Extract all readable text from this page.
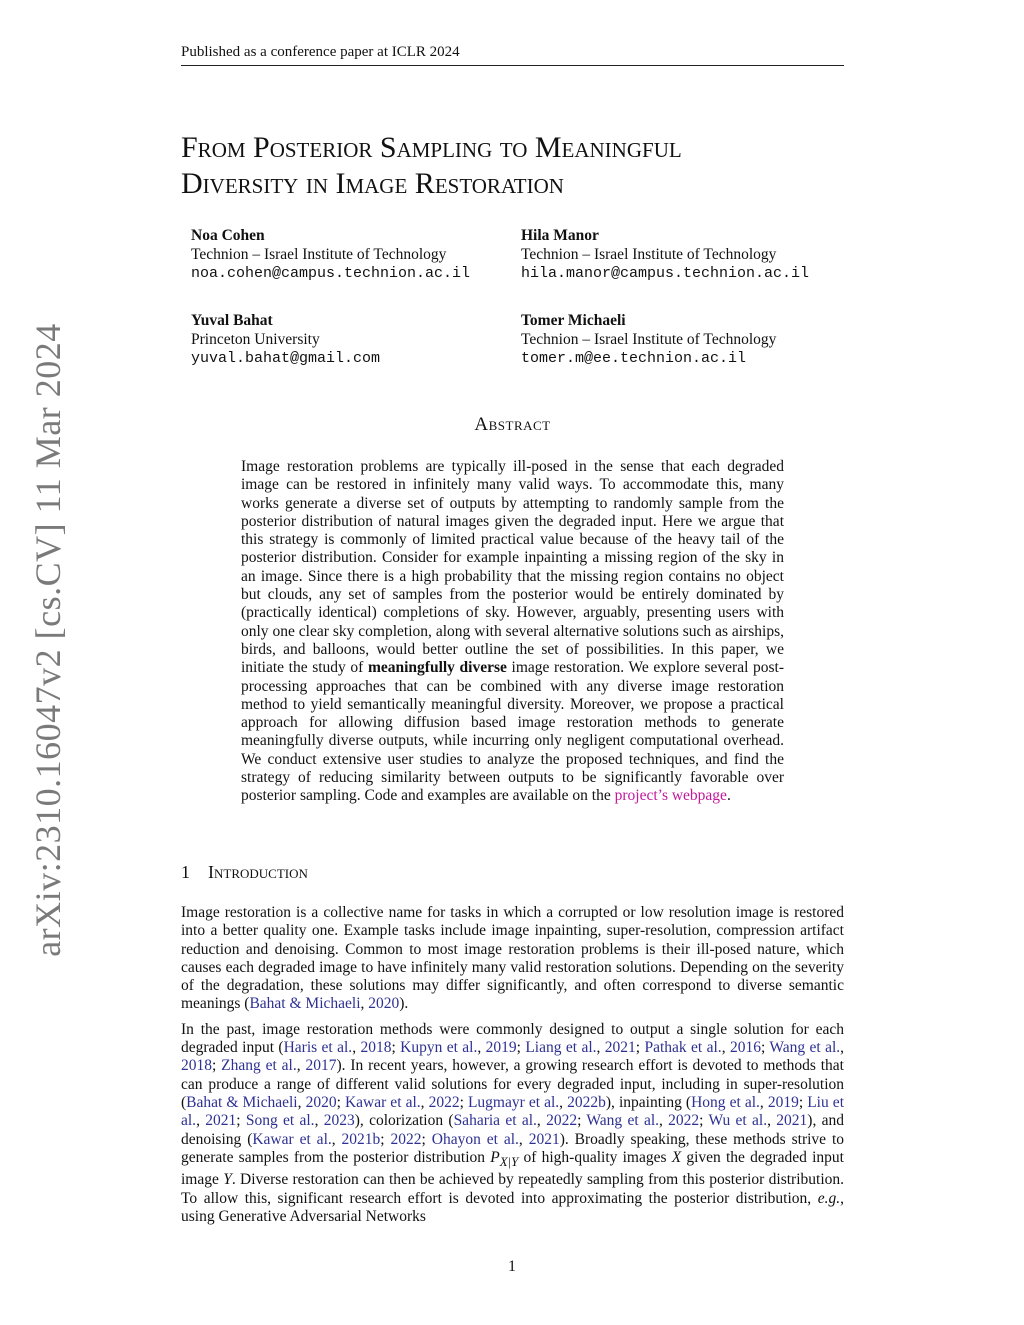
Published as a conference paper at ICLR 2024
arXiv:2310.16047v2 [cs.CV] 11 Mar 2024
From Posterior Sampling to Meaningful
Diversity in Image Restoration
Noa Cohen
Technion – Israel Institute of Technology
noa.cohen@campus.technion.ac.il
Hila Manor
Technion – Israel Institute of Technology
hila.manor@campus.technion.ac.il
Yuval Bahat
Princeton University
yuval.bahat@gmail.com
Tomer Michaeli
Technion – Israel Institute of Technology
tomer.m@ee.technion.ac.il
Abstract
Image restoration problems are typically ill-posed in the sense that each degraded image can be restored in infinitely many valid ways. To accommodate this, many works generate a diverse set of outputs by attempting to randomly sample from the posterior distribution of natural images given the degraded input. Here we argue that this strategy is commonly of limited practical value because of the heavy tail of the posterior distribution. Consider for example inpainting a missing region of the sky in an image. Since there is a high probability that the missing region contains no object but clouds, any set of samples from the posterior would be entirely dominated by (practically identical) completions of sky. However, arguably, presenting users with only one clear sky completion, along with several alternative solutions such as airships, birds, and balloons, would better outline the set of possibilities. In this paper, we initiate the study of meaningfully diverse image restoration. We explore several post-processing approaches that can be combined with any diverse image restoration method to yield semantically meaningful diversity. Moreover, we propose a practical approach for allowing diffusion based image restoration methods to generate meaningfully diverse outputs, while incurring only negligent computational overhead. We conduct extensive user studies to analyze the proposed techniques, and find the strategy of reducing similarity between outputs to be significantly favorable over posterior sampling. Code and examples are available on the project’s webpage.
1 Introduction

Image restoration is a collective name for tasks in which a corrupted or low resolution image is restored into a better quality one. Example tasks include image inpainting, super-resolution, compression artifact reduction and denoising. Common to most image restoration problems is their ill-posed nature, which causes each degraded image to have infinitely many valid restoration solutions. Depending on the severity of the degradation, these solutions may differ significantly, and often correspond to diverse semantic meanings (Bahat & Michaeli, 2020).

In the past, image restoration methods were commonly designed to output a single solution for each degraded input (Haris et al., 2018; Kupyn et al., 2019; Liang et al., 2021; Pathak et al., 2016; Wang et al., 2018; Zhang et al., 2017). In recent years, however, a growing research effort is devoted to methods that can produce a range of different valid solutions for every degraded input, including in super-resolution (Bahat & Michaeli, 2020; Kawar et al., 2022; Lugmayr et al., 2022b), inpainting (Hong et al., 2019; Liu et al., 2021; Song et al., 2023), colorization (Saharia et al., 2022; Wang et al., 2022; Wu et al., 2021), and denoising (Kawar et al., 2021b; 2022; Ohayon et al., 2021). Broadly speaking, these methods strive to generate samples from the posterior distribution $P_{X|Y}$ of high-quality images X given the degraded input image Y. Diverse restoration can then be achieved by repeatedly sampling from this posterior distribution. To allow this, significant research effort is devoted into approximating the posterior distribution, e.g., using Generative Adversarial Networks

1
